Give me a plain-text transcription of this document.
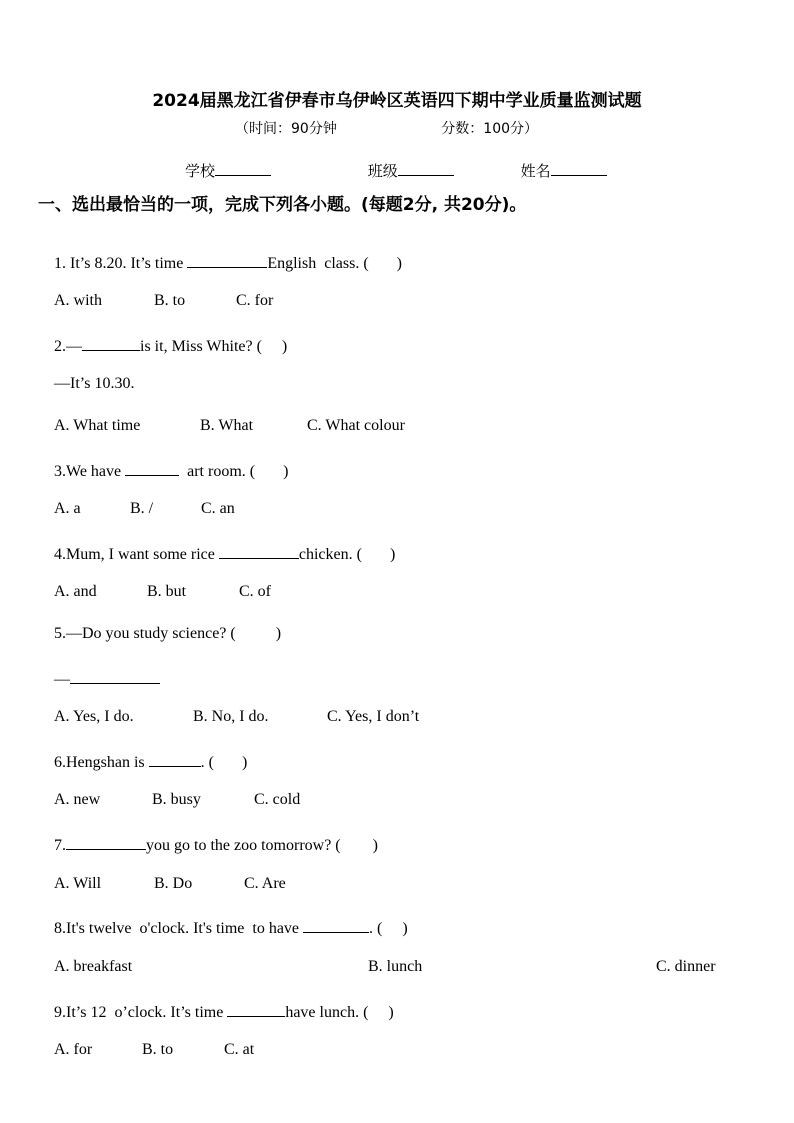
2024届黑龙江省伊春市乌伊岭区英语四下期中学业质量监测试题
（时间：90分钟	分数：100分）
学校	班级	姓名
一、选出最恰当的一项，完成下列各小题。(每题2分, 共20分)。

1. It’s 8.20. It’s time	English  class. (       )

A. with	B. to	C. for

2.—	is it, Miss White? (     )

—It’s 10.30.

A. What time	B. What	C. What colour

3.We have	art room. (       )

A. a	B. /	C. an

4.Mum, I want some rice	chicken. (       )

A. and	B. but	C. of

5.—Do you study science? (          )

—

A. Yes, I do.	B. No, I do.	C. Yes, I don’t

6.Hengshan is	. (       )

A. new	B. busy	C. cold

7.	you go to the zoo tomorrow? (        )

A. Will	B. Do	C. Are

8.It's twelve  o'clock. It's time  to have	. (     )

A. breakfast	B. lunch	C. dinner

9.It’s 12  o’clock. It’s time	have lunch. (     )

A. for	B. to	C. at
